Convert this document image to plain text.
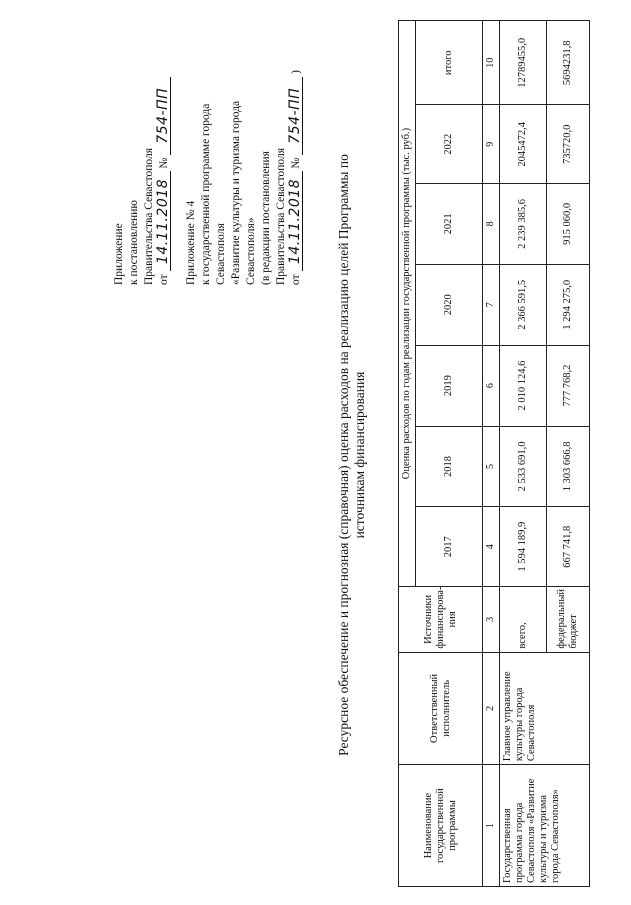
Приложение к постановлению Правительства Севастополя от 14.11.2018 № 754-ПП
Приложение № 4 к государственной программе города Севастополя «Развитие культуры и туризма города Севастополя» (в редакции постановления Правительства Севастополя от 14.11.2018 № 754-ПП )
Ресурсное обеспечение и прогнозная (справочная) оценка расходов на реализацию целей Программы по источникам финансирования
Наименование государственной программы	Ответственный исполнитель	Источники финансирова-ния	Оценка расходов по годам реализации государственной программы (тыс. руб.)						
			2017	2018	2019	2020	2021	2022	итого
1	2	3	4	5	6	7	8	9	10
Государственная программа города Севастополя «Развитие культуры и туризма города Севастополя»	Главное управление культуры города Севастополя	всего,	1 594 189,9	2 533 691,0	2 010 124,6	2 366 591,5	2 239 385,6	2045472,4	12789455,0
		федеральный бюджет	667 741,8	1 303 666,8	777 768,2	1 294 275,0	915 060,0	735720,0	5694231,8
